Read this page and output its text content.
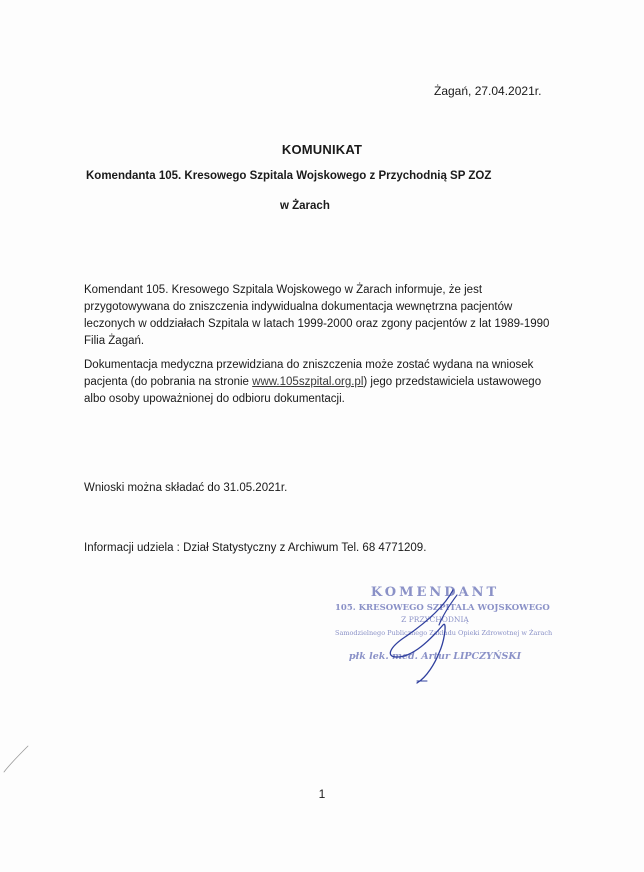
Żagań, 27.04.2021r.
KOMUNIKAT
Komendanta 105. Kresowego Szpitala Wojskowego z Przychodnią SP ZOZ
w Żarach
Komendant 105. Kresowego Szpitala Wojskowego w Żarach informuje, że jest przygotowywana do zniszczenia indywidualna dokumentacja wewnętrzna pacjentów leczonych w oddziałach Szpitala w latach 1999-2000 oraz zgony pacjentów z lat 1989-1990 Filia Żagań.
Dokumentacja medyczna przewidziana do zniszczenia może zostać wydana na wniosek pacjenta (do pobrania na stronie www.105szpital.org.pl) jego przedstawiciela ustawowego albo osoby upoważnionej do odbioru dokumentacji.
Wnioski można składać do 31.05.2021r.
Informacji udziela : Dział Statystyczny z Archiwum Tel. 68 4771209.
KOMENDANT
105. KRESOWEGO SZPITALA WOJSKOWEGO
Z PRZYCHODNIĄ
Samodzielnego Publicznego Zakładu Opieki Zdrowotnej w Żarach
płk lek. med. Artur LIPCZYŃSKI
1
